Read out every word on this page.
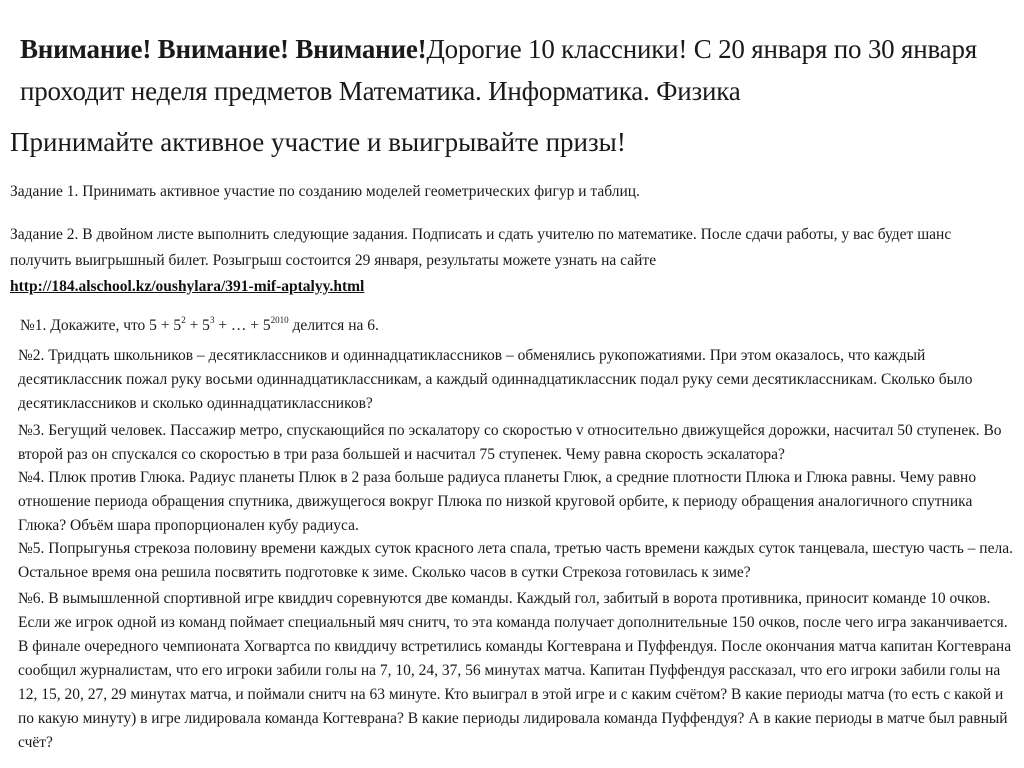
Внимание! Внимание! Внимание!Дорогие 10 классники! С 20 января по 30 января проходит неделя предметов Математика. Информатика. Физика
Принимайте активное участие и выигрывайте призы!
Задание 1. Принимать активное участие по созданию моделей геометрических фигур и таблиц.
Задание 2. В двойном листе выполнить следующие задания. Подписать и сдать учителю по математике. После сдачи работы, у вас будет шанс получить выигрышный билет. Розыгрыш состоится 29 января, результаты можете узнать на сайте
http://184.alschool.kz/oushylara/391-mif-aptalyy.html
№1. Докажите, что $5 + 5^2 + 5^3$ + … + $5^{2010}$ делится на 6.
№2. Тридцать школьников – десятиклассников и одиннадцатиклассников – обменялись рукопожатиями. При этом оказалось, что каждый десятиклассник пожал руку восьми одиннадцатиклассникам, а каждый одиннадцатиклассник подал руку семи десятиклассникам. Сколько было десятиклассников и сколько одиннадцатиклассников?
№3. Бегущий человек. Пассажир метро, спускающийся по эскалатору со скоростью v относительно движущейся дорожки, насчитал 50 ступенек. Во второй раз он спускался со скоростью в три раза большей и насчитал 75 ступенек. Чему равна скорость эскалатора?
№4. Плюк против Глюка. Радиус планеты Плюк в 2 раза больше радиуса планеты Глюк, а средние плотности Плюка и Глюка равны. Чему равно отношение периода обращения спутника, движущегося вокруг Плюка по низкой круговой орбите, к периоду обращения аналогичного спутника Глюка? Объём шара пропорционален кубу радиуса.
№5. Попрыгунья стрекоза половину времени каждых суток красного лета спала, третью часть времени каждых суток танцевала, шестую часть – пела. Остальное время она решила посвятить подготовке к зиме. Сколько часов в сутки Стрекоза готовилась к зиме?
№6. В вымышленной спортивной игре квиддич соревнуются две команды. Каждый гол, забитый в ворота противника, приносит команде 10 очков. Если же игрок одной из команд поймает специальный мяч снитч, то эта команда получает дополнительные 150 очков, после чего игра заканчивается. В финале очередного чемпионата Хогвартса по квиддичу встретились команды Когтеврана и Пуффендуя. После окончания матча капитан Когтеврана сообщил журналистам, что его игроки забили голы на 7, 10, 24, 37, 56 минутах матча. Капитан Пуффендуя рассказал, что его игроки забили голы на 12, 15, 20, 27, 29 минутах матча, и поймали снитч на 63 минуте. Кто выиграл в этой игре и с каким счётом? В какие периоды матча (то есть с какой и по какую минуту) в игре лидировала команда Когтеврана? В какие периоды лидировала команда Пуффендуя? А в какие периоды в матче был равный счёт?
